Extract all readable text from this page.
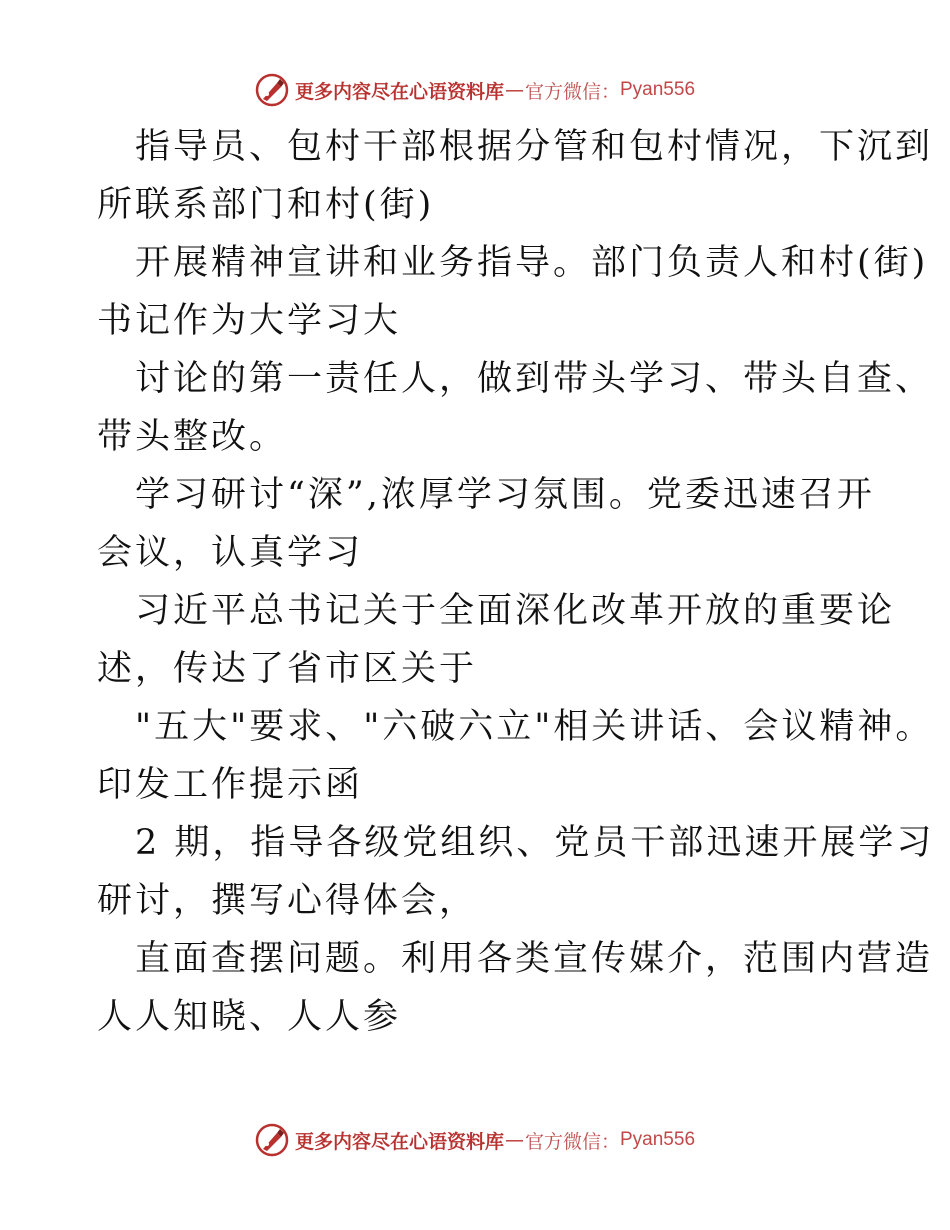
更多内容尽在心语资料库 — 官方微信： Pyan556
指导员、包村干部根据分管和包村情况，下沉到
所联系部门和村(街)
开展精神宣讲和业务指导。部门负责人和村(街)
书记作为大学习大
讨论的第一责任人，做到带头学习、带头自查、
带头整改。
学习研讨“深”,浓厚学习氛围。党委迅速召开
会议，认真学习
习近平总书记关于全面深化改革开放的重要论
述，传达了省市区关于
"五大"要求、"六破六立"相关讲话、会议精神。
印发工作提示函
2 期，指导各级党组织、党员干部迅速开展学习
研讨，撰写心得体会，
直面查摆问题。利用各类宣传媒介，范围内营造
人人知晓、人人参
更多内容尽在心语资料库 — 官方微信： Pyan556
